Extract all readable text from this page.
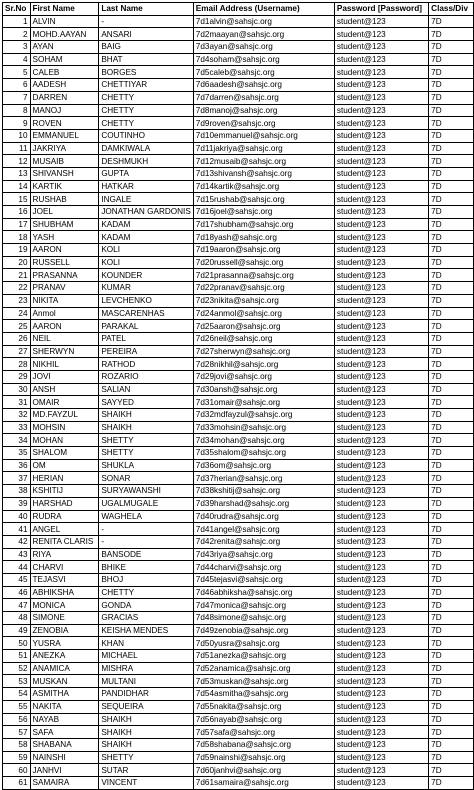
Sr.No	First Name	Last Name	Email Address (Username)	Password [Password]	Class/Div
1	ALVIN	-	7d1alvin@sahsjc.org	student@123	7D
2	MOHD.AAYAN	ANSARI	7d2maayan@sahsjc.org	student@123	7D
3	AYAN	BAIG	7d3ayan@sahsjc.org	student@123	7D
4	SOHAM	BHAT	7d4soham@sahsjc.org	student@123	7D
5	CALEB	BORGES	7d5caleb@sahsjc.org	student@123	7D
6	AADESH	CHETTIYAR	7d6aadesh@sahsjc.org	student@123	7D
7	DARREN	CHETTY	7d7darren@sahsjc.org	student@123	7D
8	MANOJ	CHETTY	7d8manoj@sahsjc.org	student@123	7D
9	ROVEN	CHETTY	7d9roven@sahsjc.org	student@123	7D
10	EMMANUEL	COUTINHO	7d10emmanuel@sahsjc.org	student@123	7D
11	JAKRIYA	DAMKIWALA	7d11jakriya@sahsjc.org	student@123	7D
12	MUSAIB	DESHMUKH	7d12musaib@sahsjc.org	student@123	7D
13	SHIVANSH	GUPTA	7d13shivansh@sahsjc.org	student@123	7D
14	KARTIK	HATKAR	7d14kartik@sahsjc.org	student@123	7D
15	RUSHAB	INGALE	7d15rushab@sahsjc.org	student@123	7D
16	JOEL	JONATHAN GARDONIS	7d16joel@sahsjc.org	student@123	7D
17	SHUBHAM	KADAM	7d17shubham@sahsjc.org	student@123	7D
18	YASH	KADAM	7d18yash@sahsjc.org	student@123	7D
19	AARON	KOLI	7d19aaron@sahsjc.org	student@123	7D
20	RUSSELL	KOLI	7d20russell@sahsjc.org	student@123	7D
21	PRASANNA	KOUNDER	7d21prasanna@sahsjc.org	student@123	7D
22	PRANAV	KUMAR	7d22pranav@sahsjc.org	student@123	7D
23	NIKITA	LEVCHENKO	7d23nikita@sahsjc.org	student@123	7D
24	Anmol	MASCARENHAS	7d24anmol@sahsjc.org	student@123	7D
25	AARON	PARAKAL	7d25aaron@sahsjc.org	student@123	7D
26	NEIL	PATEL	7d26neil@sahsjc.org	student@123	7D
27	SHERWYN	PEREIRA	7d27sherwyn@sahsjc.org	student@123	7D
28	NIKHIL	RATHOD	7d28nikhil@sahsjc.org	student@123	7D
29	JOVI	ROZARIO	7d29jovi@sahsjc.org	student@123	7D
30	ANSH	SALIAN	7d30ansh@sahsjc.org	student@123	7D
31	OMAIR	SAYYED	7d31omair@sahsjc.org	student@123	7D
32	MD.FAYZUL	SHAIKH	7d32mdfayzul@sahsjc.org	student@123	7D
33	MOHSIN	SHAIKH	7d33mohsin@sahsjc.org	student@123	7D
34	MOHAN	SHETTY	7d34mohan@sahsjc.org	student@123	7D
35	SHALOM	SHETTY	7d35shalom@sahsjc.org	student@123	7D
36	OM	SHUKLA	7d36om@sahsjc.org	student@123	7D
37	HERIAN	SONAR	7d37herian@sahsjc.org	student@123	7D
38	KSHITIJ	SURYAWANSHI	7d38kshitij@sahsjc.org	student@123	7D
39	HARSHAD	UGALMUGALE	7d39harshad@sahsjc.org	student@123	7D
40	RUDRA	WAGHELA	7d40rudra@sahsjc.org	student@123	7D
41	ANGEL	-	7d41angel@sahsjc.org	student@123	7D
42	RENITA CLARIS	-	7d42renita@sahsjc.org	student@123	7D
43	RIYA	BANSODE	7d43riya@sahsjc.org	student@123	7D
44	CHARVI	BHIKE	7d44charvi@sahsjc.org	student@123	7D
45	TEJASVI	BHOJ	7d45tejasvi@sahsjc.org	student@123	7D
46	ABHIKSHA	CHETTY	7d46abhiksha@sahsjc.org	student@123	7D
47	MONICA	GONDA	7d47monica@sahsjc.org	student@123	7D
48	SIMONE	GRACIAS	7d48simone@sahsjc.org	student@123	7D
49	ZENOBIA	KEISHA MENDES	7d49zenobia@sahsjc.org	student@123	7D
50	YUSRA	KHAN	7d50yusra@sahsjc.org	student@123	7D
51	ANEZKA	MICHAEL	7d51anezka@sahsjc.org	student@123	7D
52	ANAMICA	MISHRA	7d52anamica@sahsjc.org	student@123	7D
53	MUSKAN	MULTANI	7d53muskan@sahsjc.org	student@123	7D
54	ASMITHA	PANDIDHAR	7d54asmitha@sahsjc.org	student@123	7D
55	NAKITA	SEQUEIRA	7d55nakita@sahsjc.org	student@123	7D
56	NAYAB	SHAIKH	7d56nayab@sahsjc.org	student@123	7D
57	SAFA	SHAIKH	7d57safa@sahsjc.org	student@123	7D
58	SHABANA	SHAIKH	7d58shabana@sahsjc.org	student@123	7D
59	NAINSHI	SHETTY	7d59nainshi@sahsjc.org	student@123	7D
60	JANHVI	SUTAR	7d60janhvi@sahsjc.org	student@123	7D
61	SAMAIRA	VINCENT	7d61samaira@sahsjc.org	student@123	7D
